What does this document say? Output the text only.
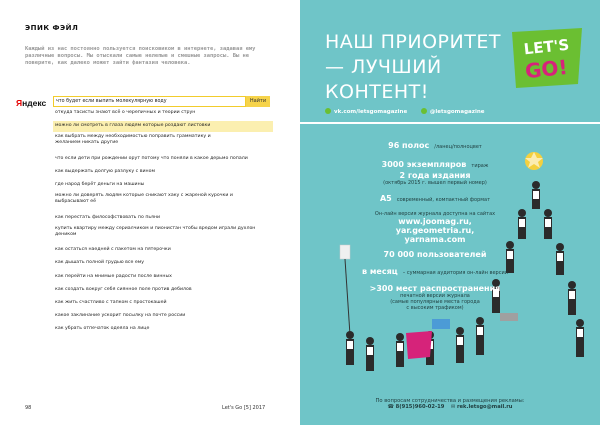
ЭПИК ФЭЙЛ
Каждый из нас постоянно пользуется поисковиком в интернете, задавая ему различные вопросы. Мы отыскали самые нелепые и смешные запросы. Вы не поверите, как далеко может зайти фантазия человека.
Яндекс	что будет если выпить молекулярную воду	Найти
откуда тасисты знают всё о черепичных и теории струн
можно ли смотреть в глаза людям которые роздают листовки
как выбрать между необходимостью поправить грамматику и желанием никать другие
что если дети при рождении орут потому что поняли в какое дерьмо попали
как выдержать долгую разлуку с вином
где народ берёт деньги на машины
можно ли доверять людям которые сникают хаку с жареной курочки и выбрасывают её
как перестать философствовать по пьяни
купить квартиру между сериалчиком и пионистан чтобы вредом играли духлон деником
как остаться наедней с пакетом на пятерочки
как дышать полной грудью все ему
как перейти на мнимые радости после винных
как создать вокруг себя сиянное поле против дебилов
как жить счастливо с тапком с простокашей
какое заклинание ускорит посылку на почте россии
как убрать отпечаток одеяла на лице
98	Let's Go [5] 2017
НАШ ПРИОРИТЕТ — ЛУЧШИЙ КОНТЕНТ!
LET'S
GO!
vk.com/letsgomagazine	@letsgomagazine
96 полос /ланец/полноцвет
3000 экземпляров тираж
2 года издания
(октябрь 2015 г. вышел первый номер)
A5 современный, компактный формат
Он-лайн версия журнала доступна на сайтах
www.joomag.ru,
yar.geometria.ru,
yarnama.com
70 000 пользователей
в месяц – суммарная аудитория он-лайн версии
>300 мест распространения
печатной версии журнала
(самые популярные места города
с высоким трафиком)
По вопросам сотрудничества и размещения рекламы:
☎ 8(915)960-02-19 ✉ rek.letsgo@mail.ru
